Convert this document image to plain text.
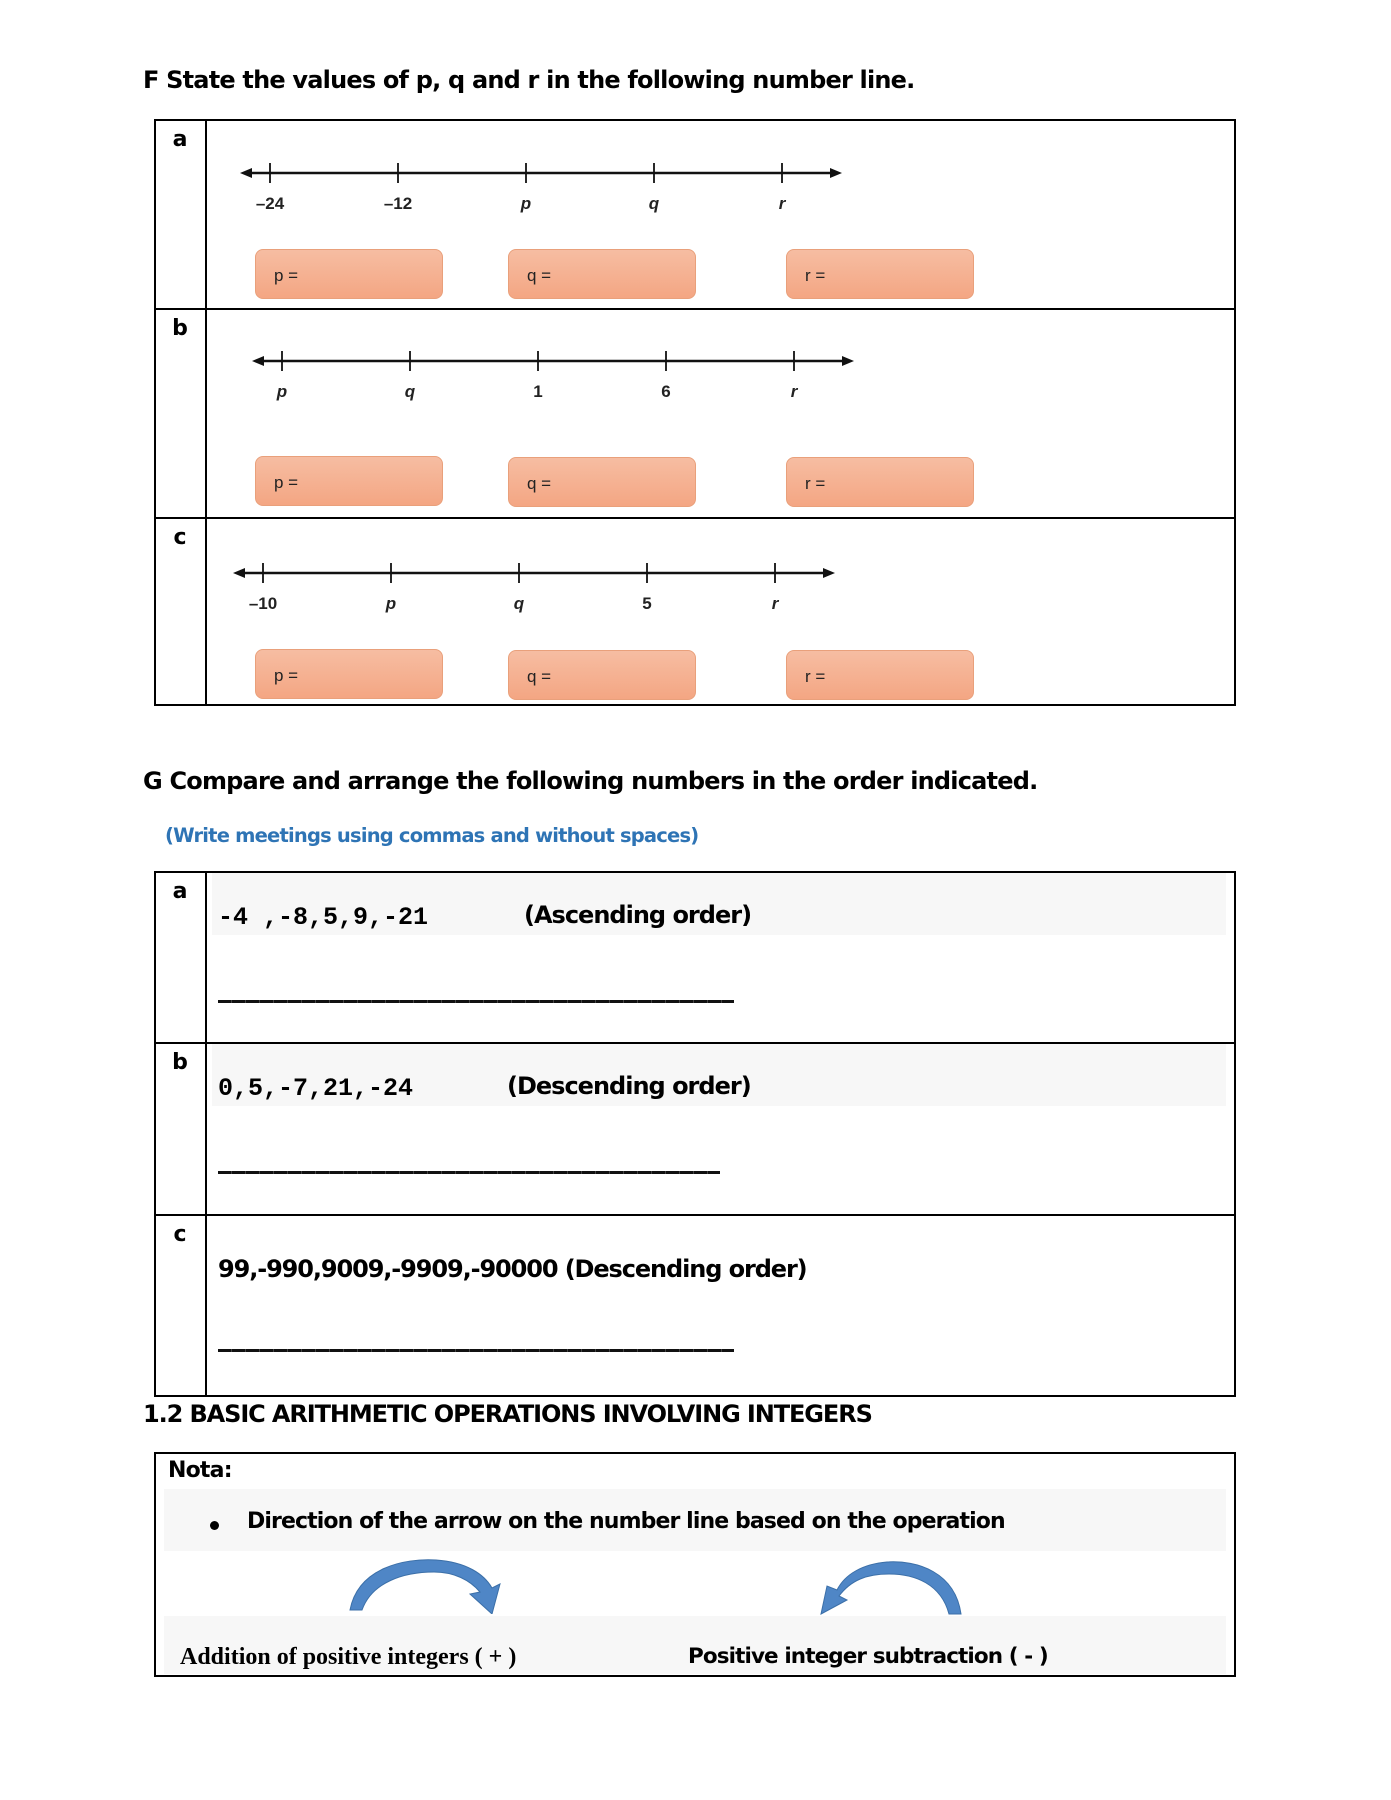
F State the values of p, q and r in the following number line.
a
–24	–12	p	q	r
p =	q =	r =
b
p	q	1	6	r
p =	q =	r =
c
–10	p	q	5	r
p =	q =	r =
G Compare and arrange the following numbers in the order indicated.
(Write meetings using commas and without spaces)
a
-4 ,-8,5,9,-21	(Ascending order)
b
0,5,-7,21,-24	(Descending order)
c
99,-990,9009,-9909,-90000 (Descending order)
1.2 BASIC ARITHMETIC OPERATIONS INVOLVING INTEGERS
Nota:
Direction of the arrow on the number line based on the operation
Addition of positive integers ( + )	Positive integer subtraction ( - )
